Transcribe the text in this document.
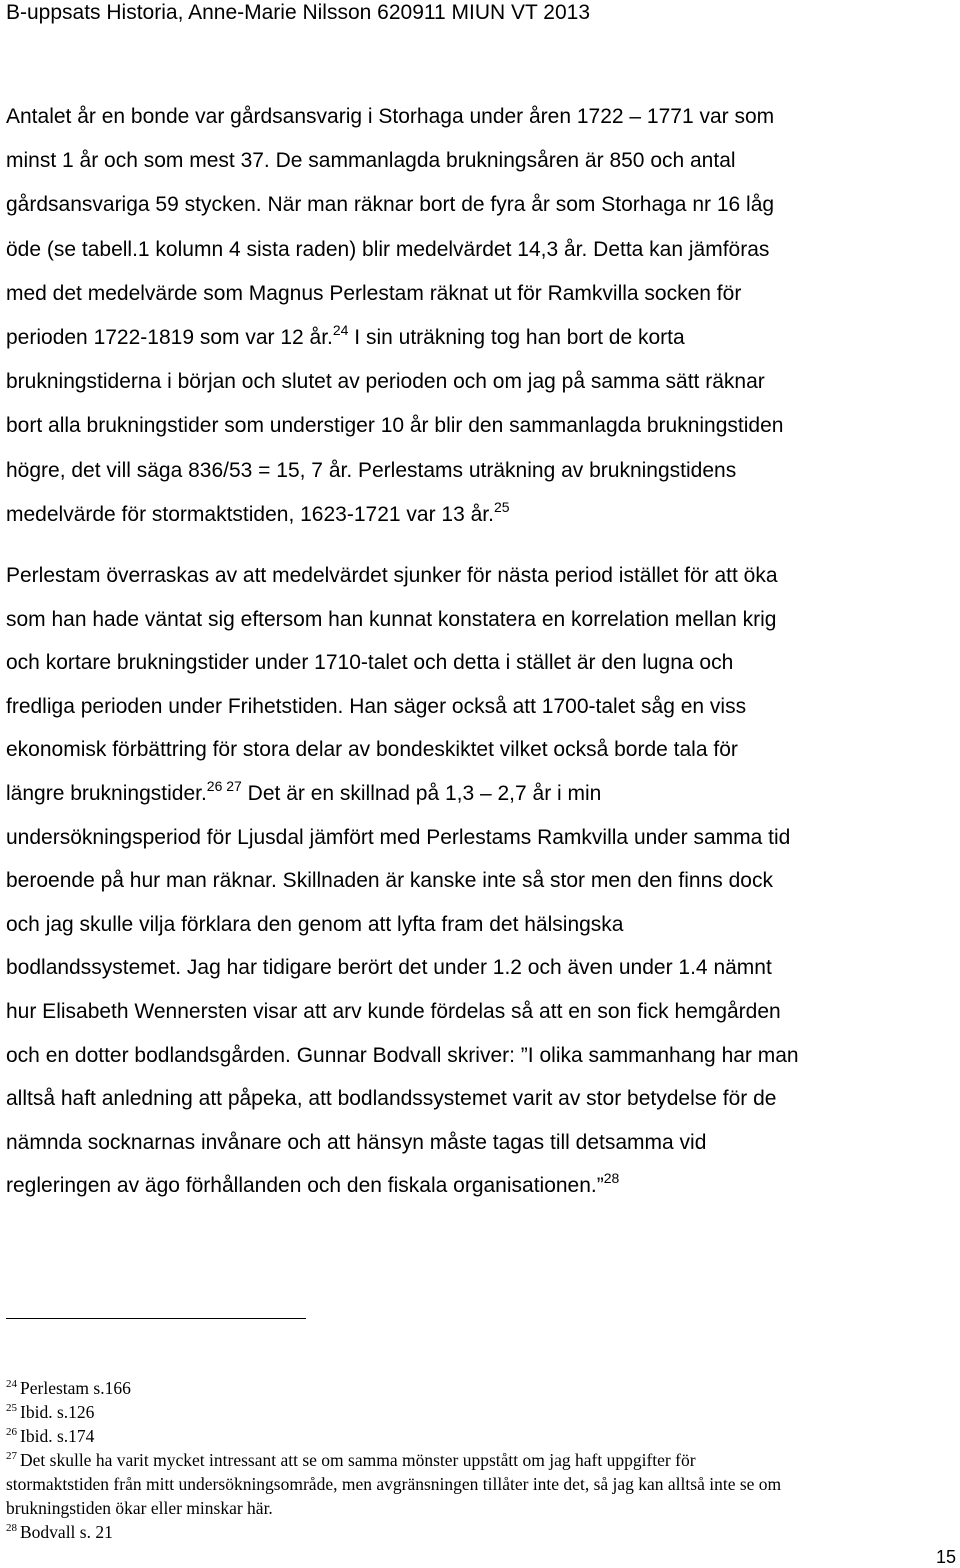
B-uppsats Historia, Anne-Marie Nilsson 620911 MIUN VT 2013
Antalet år en bonde var gårdsansvarig i Storhaga under åren 1722 – 1771 var som
minst 1 år och som mest 37. De sammanlagda brukningsåren är 850 och antal
gårdsansvariga 59 stycken. När man räknar bort de fyra år som Storhaga nr 16 låg
öde (se tabell.1 kolumn 4 sista raden) blir medelvärdet 14,3 år. Detta kan jämföras
med det medelvärde som Magnus Perlestam räknat ut för Ramkvilla socken för
perioden 1722-1819 som var 12 år.$^{24}$ I sin uträkning tog han bort de korta
brukningstiderna i början och slutet av perioden och om jag på samma sätt räknar
bort alla brukningstider som understiger 10 år blir den sammanlagda brukningstiden
högre, det vill säga 836/53 = 15, 7 år. Perlestams uträkning av brukningstidens
medelvärde för stormaktstiden, 1623-1721 var 13 år.$^{25}$
Perlestam överraskas av att medelvärdet sjunker för nästa period istället för att öka
som han hade väntat sig eftersom han kunnat konstatera en korrelation mellan krig
och kortare brukningstider under 1710-talet och detta i stället är den lugna och
fredliga perioden under Frihetstiden. Han säger också att 1700-talet såg en viss
ekonomisk förbättring för stora delar av bondeskiktet vilket också borde tala för
längre brukningstider.$^{26 27}$ Det är en skillnad på 1,3 – 2,7 år i min
undersökningsperiod för Ljusdal jämfört med Perlestams Ramkvilla under samma tid
beroende på hur man räknar. Skillnaden är kanske inte så stor men den finns dock
och jag skulle vilja förklara den genom att lyfta fram det hälsingska
bodlandssystemet. Jag har tidigare berört det under 1.2 och även under 1.4 nämnt
hur Elisabeth Wennersten visar att arv kunde fördelas så att en son fick hemgården
och en dotter bodlandsgården. Gunnar Bodvall skriver: ”I olika sammanhang har man
alltså haft anledning att påpeka, att bodlandssystemet varit av stor betydelse för de
nämnda socknarnas invånare och att hänsyn måste tagas till detsamma vid
regleringen av ägo förhållanden och den fiskala organisationen.”$^{28}$
$^{24}$ Perlestam s.166
$^{25}$ Ibid. s.126
$^{26}$ Ibid. s.174
$^{27}$ Det skulle ha varit mycket intressant att se om samma mönster uppstått om jag haft uppgifter för
stormaktstiden från mitt undersökningsområde, men avgränsningen tillåter inte det, så jag kan alltså inte se om
brukningstiden ökar eller minskar här.
$^{28}$ Bodvall s. 21
15
